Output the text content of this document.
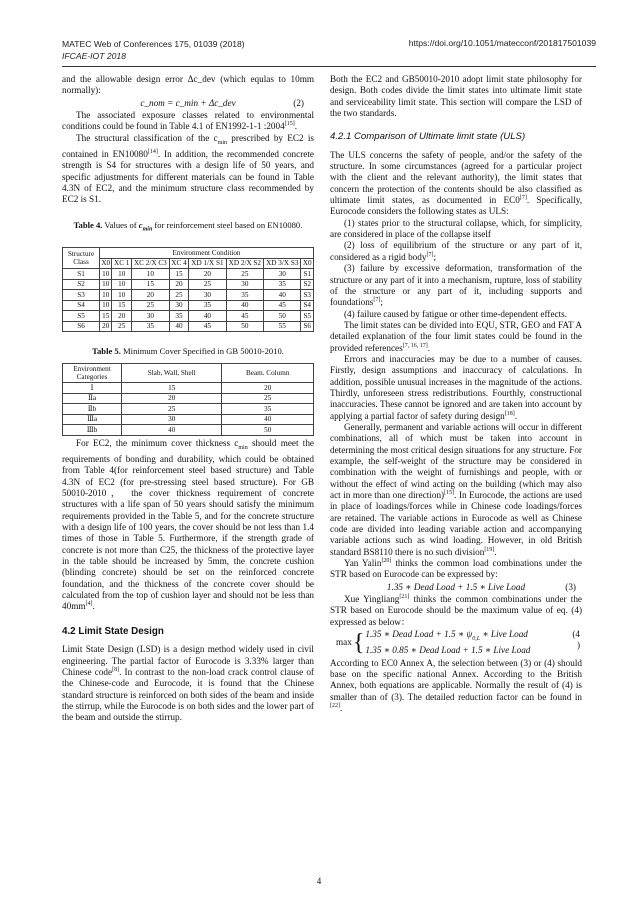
MATEC Web of Conferences 175, 01039 (2018)
IFCAE-IOT 2018
https://doi.org/10.1051/matecconf/201817501039

and the allowable design error Δc_dev (which equlas to 10mm normally):

c_nom = c_min + Δc_dev	(2)

The associated exposure classes related to environmental conditions could be found in Table 4.1 of EN1992-1-1 :2004[15].

The structural classification of the $c_{min}$ prescribed by EC2 is contained in EN10080[14]. In addition, the recommended concrete strength is S4 for structures with a design life of 50 years, and specific adjustments for different materials can be found in Table 4.3N of EC2, and the minimum structure class recommended by EC2 is S1.

Table 4. Values of $c_{min}$ for reinforcement steel based on EN10080.
Structure Class	Environment Condition							
	X0	XC 1	XC 2/X C3	XC 4	XD 1/X S1	XD 2/X S2	XD 3/X S3	X0
S1	10	10	10	15	20	25	30	S1
S2	10	10	15	20	25	30	35	S2
S3	10	10	20	25	30	35	40	S3
S4	10	15	25	30	35	40	45	S4
S5	15	20	30	35	40	45	50	S5
S6	20	25	35	40	45	50	55	S6
Table 5. Minimum Cover Specified in GB 50010-2010.
Environment Categories	Slab, Wall, Shell	Beam. Column
Ⅰ	15	20
Ⅱa	20	25
Ⅱb	25	35
Ⅲa	30	40
Ⅲb	40	50

For EC2, the minimum cover thickness $c_{min}$ should meet the requirements of bonding and durability, which could be obtained from Table 4(for reinforcement steel based structure) and Table 4.3N of EC2 (for pre-stressing steel based structure). For GB 50010-2010， the cover thickness requirement of concrete structures with a life span of 50 years should satisfy the minimum requirements provided in the Table 5, and for the concrete structure with a design life of 100 years, the cover should be not less than 1.4 times of those in Table 5. Furthermore, if the strength grade of concrete is not more than C25, the thickness of the protective layer in the table should be increased by 5mm, the concrete cushion (blinding concrete) should be set on the reinforced concrete foundation, and the thickness of the concrete cover should be calculated from the top of cushion layer and should not be less than 40mm[4].

4.2 Limit State Design

Limit State Design (LSD) is a design method widely used in civil engineering. The partial factor of Eurocode is 3.33% larger than Chinese code[8]. In contrast to the non-load crack control clause of the Chinese-code and Eurocode, it is found that the Chinese standard structure is reinforced on both sides of the beam and inside the stirrup, while the Eurocode is on both sides and the lower part of the beam and outside the stirrup.

Both the EC2 and GB50010-2010 adopt limit state philosophy for design. Both codes divide the limit states into ultimate limit state and serviceability limit state. This section will compare the LSD of the two standards.

4.2.1 Comparison of Ultimate limit state (ULS)

The ULS concerns the safety of people, and/or the safety of the structure. In some circumstances (agreed for a particular project with the client and the relevant authority), the limit states that concern the protection of the contents should be also classified as ultimate limit states, as documented in EC0[7]. Specifically, Eurocode considers the following states as ULS:

(1) states prior to the structural collapse, which, for simplicity, are considered in place of the collapse itself

(2) loss of equilibrium of the structure or any part of it, considered as a rigid body[7];

(3) failure by excessive deformation, transformation of the structure or any part of it into a mechanism, rupture, loss of stability of the structure or any part of it, including supports and foundations[7];

(4) failure caused by fatigue or other time-dependent effects.

The limit states can be divided into EQU, STR, GEO and FAT A detailed explanation of the four limit states could be found in the provided references[7, 16, 17].

Errors and inaccuracies may be due to a number of causes. Firstly, design assumptions and inaccuracy of calculations. In addition, possible unusual increases in the magnitude of the actions. Thirdly, unforeseen stress redistributions. Fourthly, constructional inaccuracies. These cannot be ignored and are taken into account by applying a partial factor of safety during design[18].

Generally, permanent and variable actions will occur in different combinations, all of which must be taken into account in determining the most critical design situations for any structure. For example, the self-weight of the structure may be considered in combination with the weight of furnishings and people, with or without the effect of wind acting on the building (which may also act in more than one direction)[15]. In Eurocode, the actions are used in place of loadings/forces while in Chinese code loadings/forces are retained. The variable actions in Eurocode as well as Chinese code are divided into leading variable action and accompanying variable actions such as wind loading. However, in old British standard BS8110 there is no such division[19].

Yan Yalin[20] thinks the common load combinations under the STR based on Eurocode can be expressed by:

1.35 ∗ Dead Load + 1.5 ∗ Live Load	(3)

Xue Yingliang[21] thinks the common combinations under the STR based on Eurocode should be the maximum value of eq. (4) expressed as below：

max { 1.35 ∗ Dead Load + 1.5 ∗ $\psi_{0,L}$ ∗ Live Load
1.35 ∗ 0.85 ∗ Dead Load + 1.5 ∗ Live Load
(4
)

According to EC0 Annex A, the selection between (3) or (4) should base on the specific national Annex. According to the British Annex, both equations are applicable. Normally the result of (4) is smaller than of (3). The detailed reduction factor can be found in [22].

4
